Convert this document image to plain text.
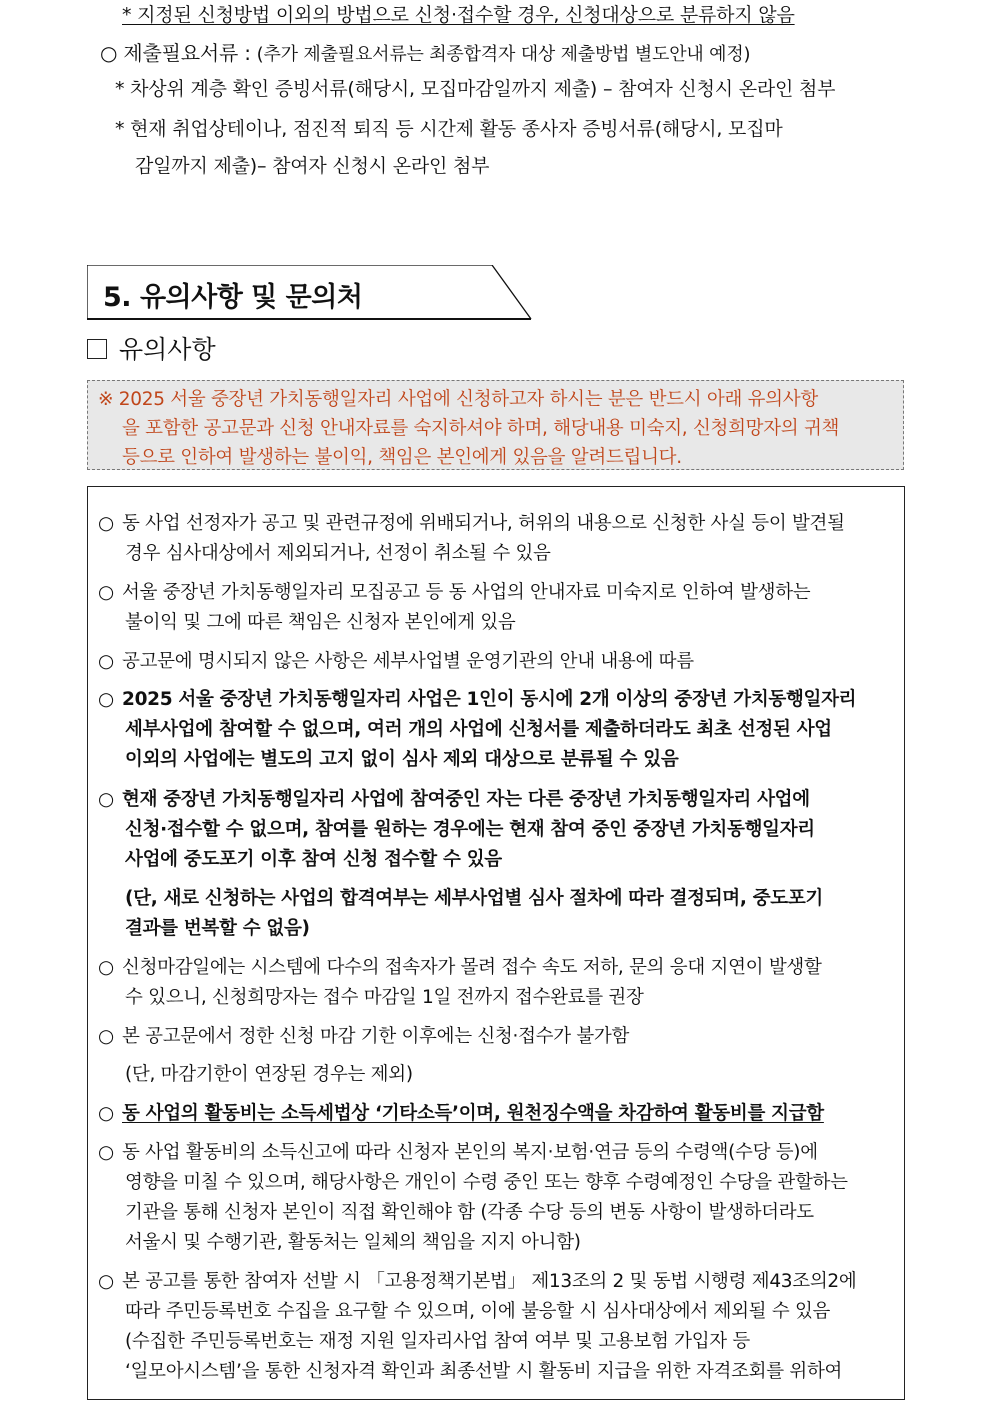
* 지정된 신청방법 이외의 방법으로 신청·접수할 경우, 신청대상으로 분류하지 않음
○ 제출필요서류 : (추가 제출필요서류는 최종합격자 대상 제출방법 별도안내 예정)
* 차상위 계층 확인 증빙서류(해당시, 모집마감일까지 제출) – 참여자 신청시 온라인 첨부
* 현재 취업상테이나, 점진적 퇴직 등 시간제 활동 종사자 증빙서류(해당시, 모집마
감일까지 제출)– 참여자 신청시 온라인 첨부
5. 유의사항 및 문의처
유의사항
※ 2025 서울 중장년 가치동행일자리 사업에 신청하고자 하시는 분은 반드시 아래 유의사항
을 포함한 공고문과 신청 안내자료를 숙지하셔야 하며, 해당내용 미숙지, 신청희망자의 귀책
등으로 인하여 발생하는 불이익, 책임은 본인에게 있음을 알려드립니다.
○ 동 사업 선정자가 공고 및 관련규정에 위배되거나, 허위의 내용으로 신청한 사실 등이 발견될
경우 심사대상에서 제외되거나, 선정이 취소될 수 있음
○ 서울 중장년 가치동행일자리 모집공고 등 동 사업의 안내자료 미숙지로 인하여 발생하는
불이익 및 그에 따른 책임은 신청자 본인에게 있음
○ 공고문에 명시되지 않은 사항은 세부사업별 운영기관의 안내 내용에 따름
○ 2025 서울 중장년 가치동행일자리 사업은 1인이 동시에 2개 이상의 중장년 가치동행일자리
세부사업에 참여할 수 없으며, 여러 개의 사업에 신청서를 제출하더라도 최초 선정된 사업
이외의 사업에는 별도의 고지 없이 심사 제외 대상으로 분류될 수 있음
○ 현재 중장년 가치동행일자리 사업에 참여중인 자는 다른 중장년 가치동행일자리 사업에
신청·접수할 수 없으며, 참여를 원하는 경우에는 현재 참여 중인 중장년 가치동행일자리
사업에 중도포기 이후 참여 신청 접수할 수 있음
(단, 새로 신청하는 사업의 합격여부는 세부사업별 심사 절차에 따라 결정되며, 중도포기
결과를 번복할 수 없음)
○ 신청마감일에는 시스템에 다수의 접속자가 몰려 접수 속도 저하, 문의 응대 지연이 발생할
수 있으니, 신청희망자는 접수 마감일 1일 전까지 접수완료를 권장
○ 본 공고문에서 정한 신청 마감 기한 이후에는 신청·접수가 불가함
(단, 마감기한이 연장된 경우는 제외)
○ 동 사업의 활동비는 소득세법상 ‘기타소득’이며, 원천징수액을 차감하여 활동비를 지급함
○ 동 사업 활동비의 소득신고에 따라 신청자 본인의 복지·보험·연금 등의 수령액(수당 등)에
영향을 미칠 수 있으며, 해당사항은 개인이 수령 중인 또는 향후 수령예정인 수당을 관할하는
기관을 통해 신청자 본인이 직접 확인해야 함 (각종 수당 등의 변동 사항이 발생하더라도
서울시 및 수행기관, 활동처는 일체의 책임을 지지 아니함)
○ 본 공고를 통한 참여자 선발 시 「고용정책기본법」 제13조의 2 및 동법 시행령 제43조의2에
따라 주민등록번호 수집을 요구할 수 있으며, 이에 불응할 시 심사대상에서 제외될 수 있음
(수집한 주민등록번호는 재정 지원 일자리사업 참여 여부 및 고용보험 가입자 등
‘일모아시스템’을 통한 신청자격 확인과 최종선발 시 활동비 지급을 위한 자격조회를 위하여
